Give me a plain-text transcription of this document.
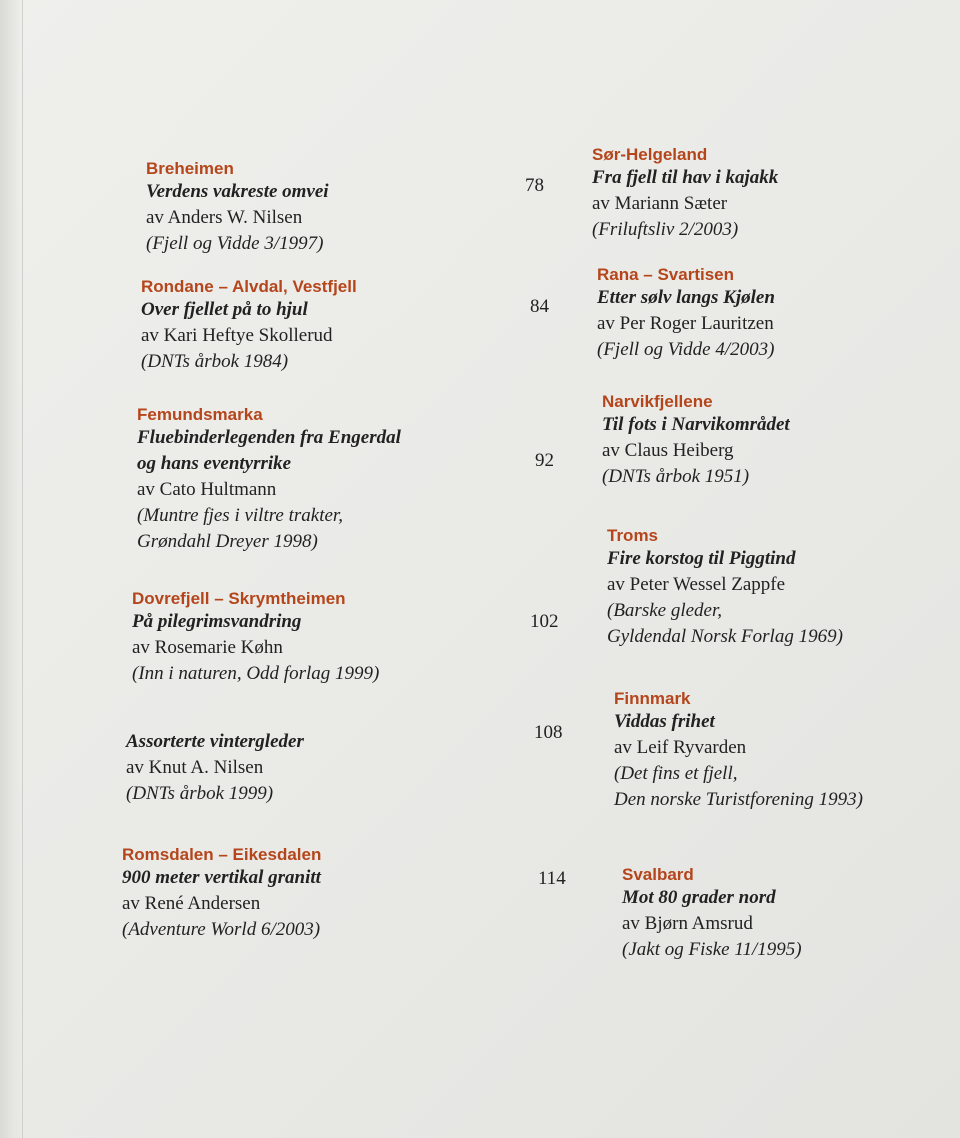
Breheimen
Verdens vakreste omvei
av Anders W. Nilsen
(Fjell og Vidde 3/1997)
Rondane – Alvdal, Vestfjell
Over fjellet på to hjul
av Kari Heftye Skollerud
(DNTs årbok 1984)
Femundsmarka
Fluebinderlegenden fra Engerdal
og hans eventyrrike
av Cato Hultmann
(Muntre fjes i viltre trakter,
Grøndahl Dreyer 1998)
Dovrefjell – Skrymtheimen
På pilegrimsvandring
av Rosemarie Køhn
(Inn i naturen, Odd forlag 1999)
Assorterte vintergleder
av Knut A. Nilsen
(DNTs årbok 1999)
Romsdalen – Eikesdalen
900 meter vertikal granitt
av René Andersen
(Adventure World 6/2003)
Sør-Helgeland
Fra fjell til hav i kajakk
av Mariann Sæter
(Friluftsliv 2/2003)
Rana – Svartisen
Etter sølv langs Kjølen
av Per Roger Lauritzen
(Fjell og Vidde 4/2003)
Narvikfjellene
Til fots i Narvikområdet
av Claus Heiberg
(DNTs årbok 1951)
Troms
Fire korstog til Piggtind
av Peter Wessel Zappfe
(Barske gleder,
Gyldendal Norsk Forlag 1969)
Finnmark
Viddas frihet
av Leif Ryvarden
(Det fins et fjell,
Den norske Turistforening 1993)
Svalbard
Mot 80 grader nord
av Bjørn Amsrud
(Jakt og Fiske 11/1995)
78
84
92
102
108
114
